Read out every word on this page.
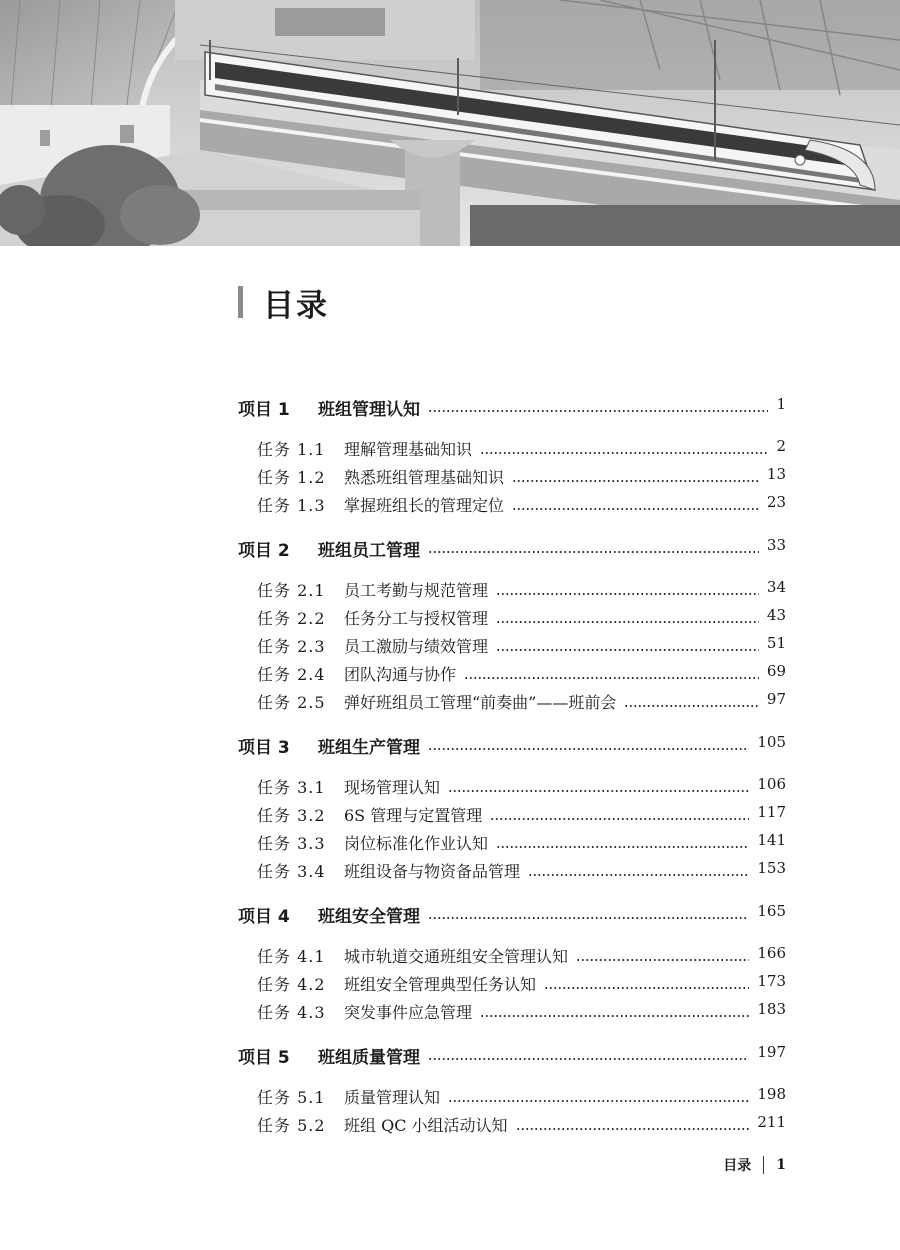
目录
项目 1 班组管理认知	1
任务 1.1 理解管理基础知识	2
任务 1.2 熟悉班组管理基础知识	13
任务 1.3 掌握班组长的管理定位	23
项目 2 班组员工管理	33
任务 2.1 员工考勤与规范管理	34
任务 2.2 任务分工与授权管理	43
任务 2.3 员工激励与绩效管理	51
任务 2.4 团队沟通与协作	69
任务 2.5 弹好班组员工管理“前奏曲”——班前会	97
项目 3 班组生产管理	105
任务 3.1 现场管理认知	106
任务 3.2 6S 管理与定置管理	117
任务 3.3 岗位标准化作业认知	141
任务 3.4 班组设备与物资备品管理	153
项目 4 班组安全管理	165
任务 4.1 城市轨道交通班组安全管理认知	166
任务 4.2 班组安全管理典型任务认知	173
任务 4.3 突发事件应急管理	183
项目 5 班组质量管理	197
任务 5.1 质量管理认知	198
任务 5.2 班组 QC 小组活动认知	211
目录 1
